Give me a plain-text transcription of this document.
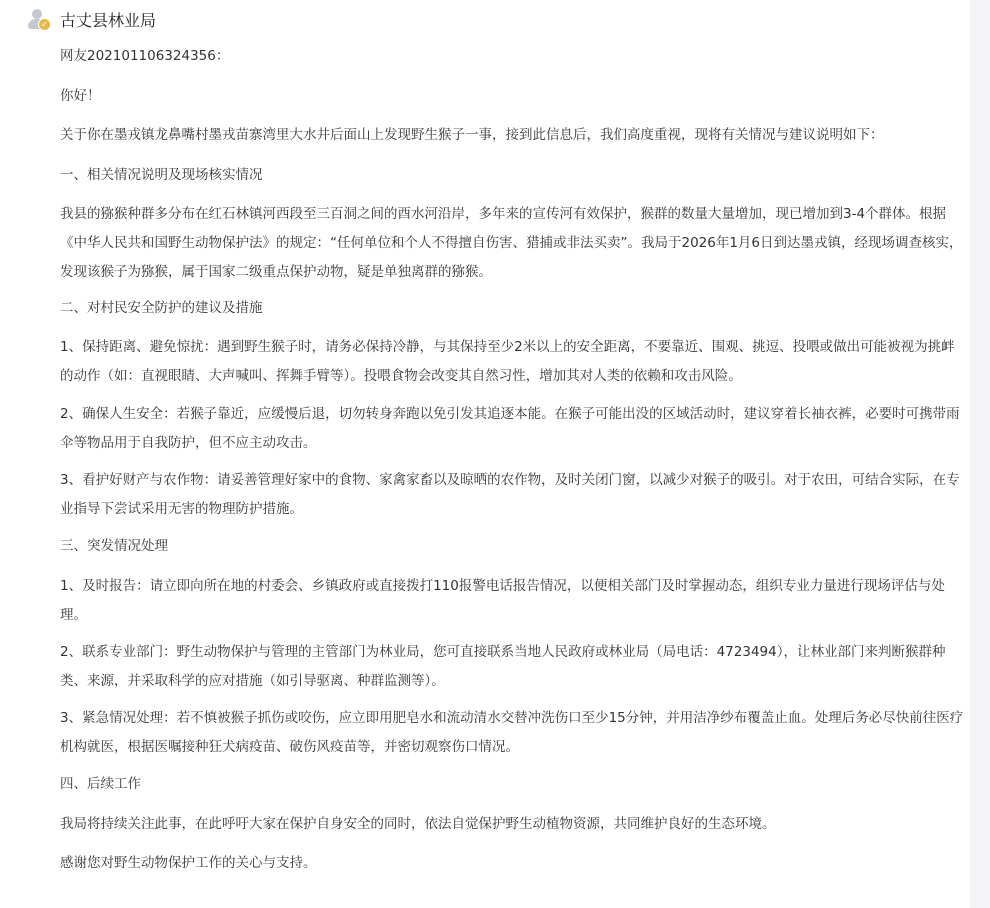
✓ 古丈县林业局

网友202101106324356：

你好！

关于你在墨戎镇龙鼻嘴村墨戎苗寨湾里大水井后面山上发现野生猴子一事，接到此信息后，我们高度重视，现将有关情况与建议说明如下：

一、相关情况说明及现场核实情况

我县的猕猴种群多分布在红石林镇河西段至三百洞之间的酉水河沿岸，多年来的宣传河有效保护，猴群的数量大量增加，现已增加到3-4个群体。根据《中华人民共和国野生动物保护法》的规定：“任何单位和个人不得擅自伤害、猎捕或非法买卖”。我局于2026年1月6日到达墨戎镇，经现场调查核实，发现该猴子为猕猴，属于国家二级重点保护动物，疑是单独离群的猕猴。

二、对村民安全防护的建议及措施

1、保持距离、避免惊扰：遇到野生猴子时，请务必保持冷静，与其保持至少2米以上的安全距离，不要靠近、围观、挑逗、投喂或做出可能被视为挑衅的动作（如：直视眼睛、大声喊叫、挥舞手臂等）。投喂食物会改变其自然习性，增加其对人类的依赖和攻击风险。

2、确保人生安全：若猴子靠近，应缓慢后退，切勿转身奔跑以免引发其追逐本能。在猴子可能出没的区域活动时，建议穿着长袖衣裤，必要时可携带雨伞等物品用于自我防护，但不应主动攻击。

3、看护好财产与农作物：请妥善管理好家中的食物、家禽家畜以及晾晒的农作物，及时关闭门窗，以减少对猴子的吸引。对于农田，可结合实际，在专业指导下尝试采用无害的物理防护措施。

三、突发情况处理

1、及时报告：请立即向所在地的村委会、乡镇政府或直接拨打110报警电话报告情况，以便相关部门及时掌握动态，组织专业力量进行现场评估与处理。

2、联系专业部门：野生动物保护与管理的主管部门为林业局，您可直接联系当地人民政府或林业局（局电话：4723494），让林业部门来判断猴群种类、来源，并采取科学的应对措施（如引导驱离、种群监测等）。

3、紧急情况处理：若不慎被猴子抓伤或咬伤，应立即用肥皂水和流动清水交替冲洗伤口至少15分钟，并用洁净纱布覆盖止血。处理后务必尽快前往医疗机构就医，根据医嘱接种狂犬病疫苗、破伤风疫苗等，并密切观察伤口情况。

四、后续工作

我局将持续关注此事，在此呼吁大家在保护自身安全的同时，依法自觉保护野生动植物资源，共同维护良好的生态环境。

感谢您对野生动物保护工作的关心与支持。
